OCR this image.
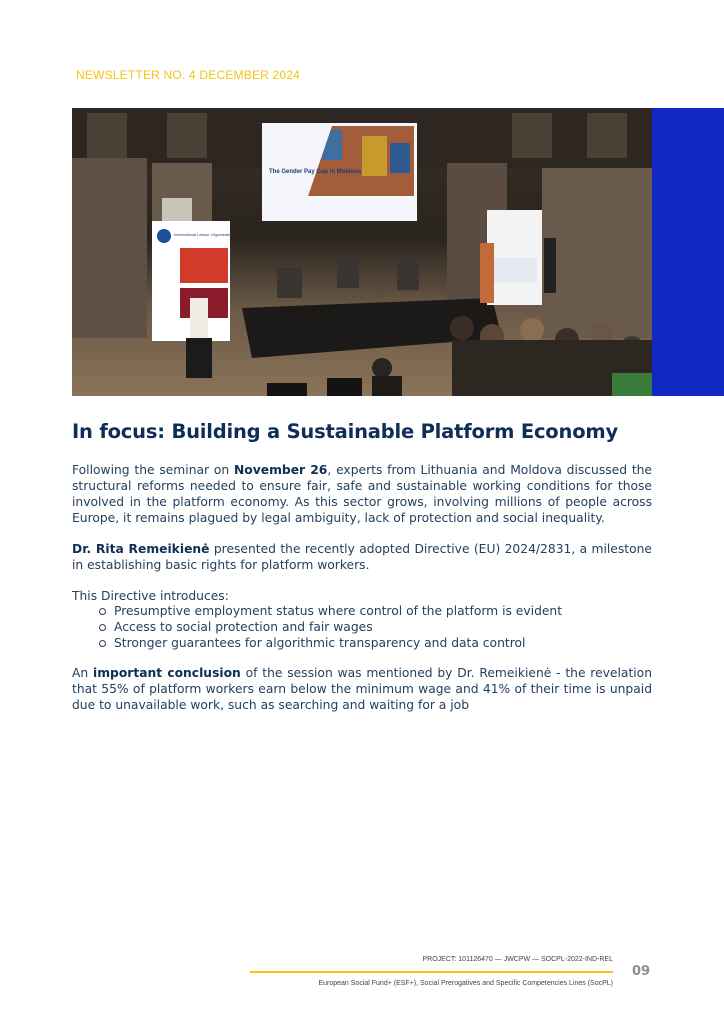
NEWSLETTER NO. 4 DECEMBER 2024
The Gender Pay Gap in Moldova
International Labour Organization
In focus: Building a Sustainable Platform Economy

Following the seminar on November 26, experts from Lithuania and Moldova discussed the structural reforms needed to ensure fair, safe and sustainable working conditions for those involved in the platform economy. As this sector grows, involving millions of people across Europe, it remains plagued by legal ambiguity, lack of protection and social inequality.

Dr. Rita Remeikienė presented the recently adopted Directive (EU) 2024/2831, a milestone in establishing basic rights for platform workers.

This Directive introduces:

Presumptive employment status where control of the platform is evident
Access to social protection and fair wages
Stronger guarantees for algorithmic transparency and data control

An important conclusion of the session was mentioned by Dr. Remeikienė - the revelation that 55% of platform workers earn below the minimum wage and 41% of their time is unpaid due to unavailable work, such as searching and waiting for a job

PROJECT: 101126470 — JWCPW — SOCPL-2022-IND-REL
European Social Fund+ (ESF+), Social Prerogatives and Specific Competencies Lines (SocPL)
09
